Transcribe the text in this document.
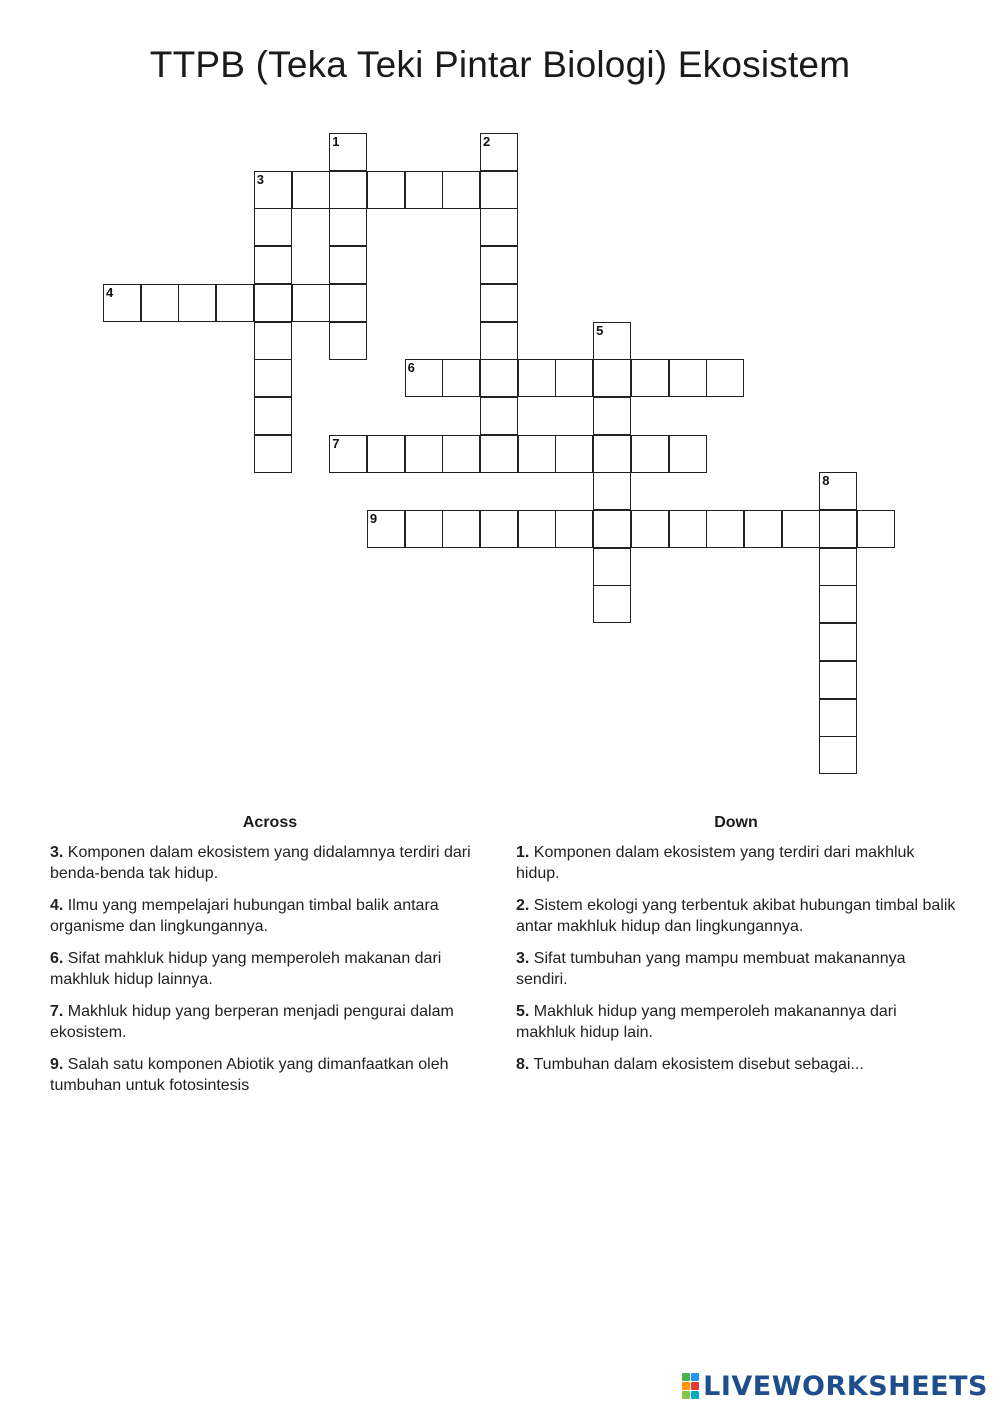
TTPB (Teka Teki Pintar Biologi) Ekosistem
1	2
3
4
5
6
7
8
9
Across
3. Komponen dalam ekosistem yang didalamnya terdiri dari benda-benda tak hidup.
4. Ilmu yang mempelajari hubungan timbal balik antara organisme dan lingkungannya.
6. Sifat mahkluk hidup yang memperoleh makanan dari makhluk hidup lainnya.
7. Makhluk hidup yang berperan menjadi pengurai dalam ekosistem.
9. Salah satu komponen Abiotik yang dimanfaatkan oleh tumbuhan untuk fotosintesis
Down
1. Komponen dalam ekosistem yang terdiri dari makhluk hidup.
2. Sistem ekologi yang terbentuk akibat hubungan timbal balik antar makhluk hidup dan lingkungannya.
3. Sifat tumbuhan yang mampu membuat makanannya sendiri.
5. Makhluk hidup yang memperoleh makanannya dari makhluk hidup lain.
8. Tumbuhan dalam ekosistem disebut sebagai...
LIVEWORKSHEETS
